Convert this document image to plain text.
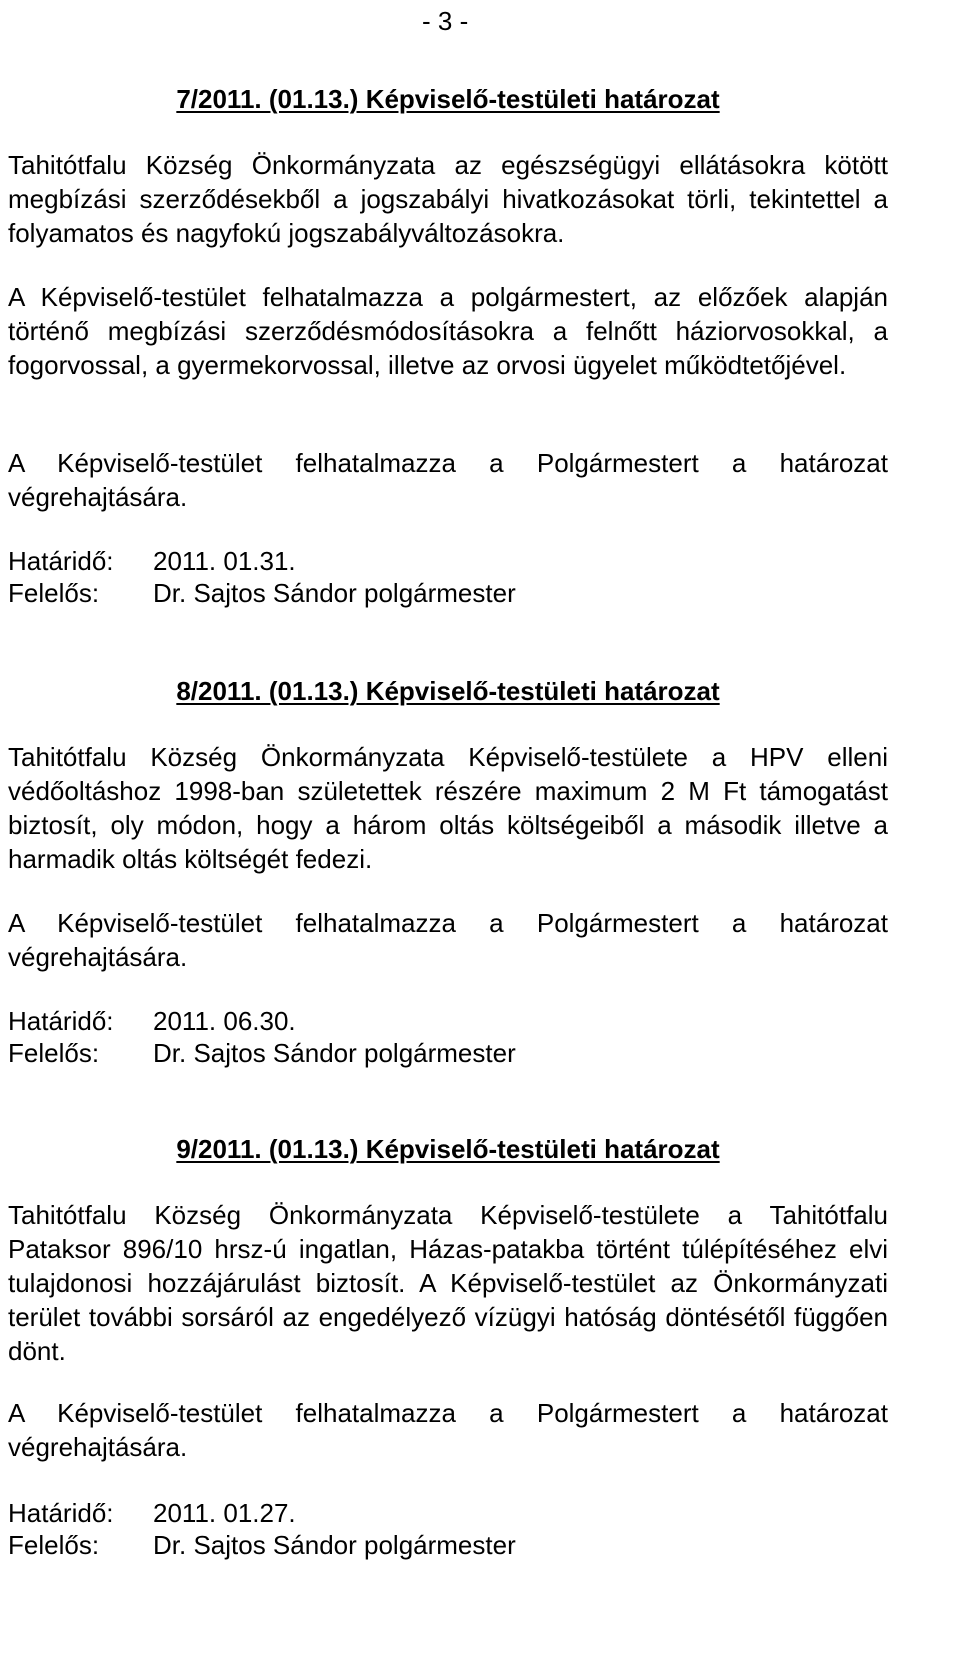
- 3 -

7/2011. (01.13.) Képviselő-testületi határozat

Tahitótfalu Község Önkormányzata az egészségügyi ellátásokra kötött megbízási szerződésekből a jogszabályi hivatkozásokat törli, tekintettel a folyamatos és nagyfokú jogszabályváltozásokra.

A Képviselő-testület felhatalmazza a polgármestert, az előzőek alapján történő megbízási szerződésmódosításokra a felnőtt háziorvosokkal, a fogorvossal, a gyermekorvossal, illetve az orvosi ügyelet működtetőjével.

A Képviselő-testület felhatalmazza a Polgármestert a határozat végrehajtására.

Határidő:	2011. 01.31.
Felelős:	Dr. Sajtos Sándor polgármester

8/2011. (01.13.) Képviselő-testületi határozat

Tahitótfalu Község Önkormányzata Képviselő-testülete a HPV elleni védőoltáshoz 1998-ban születettek részére maximum 2 M Ft támogatást biztosít, oly módon, hogy a három oltás költségeiből a második illetve a harmadik oltás költségét fedezi.

A Képviselő-testület felhatalmazza a Polgármestert a határozat végrehajtására.

Határidő:	2011. 06.30.
Felelős:	Dr. Sajtos Sándor polgármester

9/2011. (01.13.) Képviselő-testületi határozat

Tahitótfalu Község Önkormányzata Képviselő-testülete a Tahitótfalu Pataksor 896/10 hrsz-ú ingatlan, Házas-patakba történt túlépítéséhez elvi tulajdonosi hozzájárulást biztosít. A Képviselő-testület az Önkormányzati terület további sorsáról az engedélyező vízügyi hatóság döntésétől függően dönt.

A Képviselő-testület felhatalmazza a Polgármestert a határozat végrehajtására.

Határidő:	2011. 01.27.
Felelős:	Dr. Sajtos Sándor polgármester
